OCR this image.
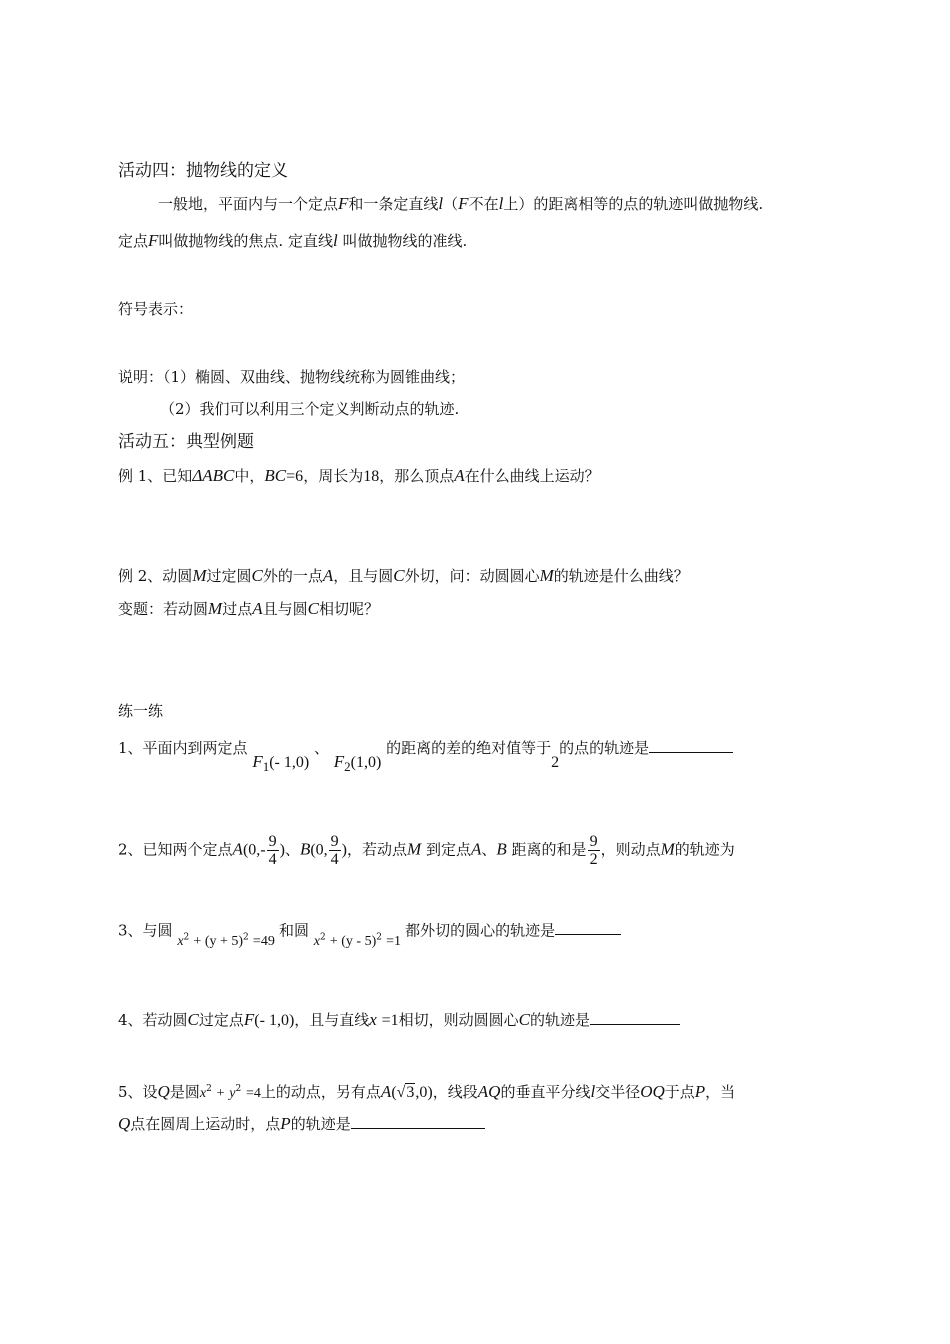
活动四：抛物线的定义
一般地，平面内与一个定点F和一条定直线l（F不在l上）的距离相等的点的轨迹叫做抛物线.
定点F叫做抛物线的焦点. 定直线l 叫做抛物线的准线.
符号表示：
说明：（1）椭圆、双曲线、抛物线统称为圆锥曲线；
（2）我们可以利用三个定义判断动点的轨迹.
活动五：典型例题
例 1、已知ΔABC中，BC=6，周长为18，那么顶点A在什么曲线上运动？
例 2、动圆M过定圆C外的一点A，且与圆C外切，问：动圆圆心M的轨迹是什么曲线？
变题：若动圆M过点A且与圆C相切呢？
练一练
1、平面内到两定点 $F_1(-$ 1,0) 、 $F_2(1,0)$ 的距离的差的绝对值等于2的点的轨迹是
2、已知两个定点$A(0,- \frac{9}{4}$ )、B(0, $\frac{9}{4}$ )，若动点M 到定点A、B 距离的和是 $\frac{9}{2}$ ，则动点M的轨迹为
3、与圆 $x^2 + (y + 5)^2 =49$ 和圆 $x^2 + (y - 5)^2 =1$ 都外切的圆心的轨迹是
4、若动圆C过定点F(- 1,0)，且与直线x =1相切，则动圆圆心C的轨迹是
5、设Q是圆$x^2 + y^2 =4$上的动点，另有点A(√3,0)，线段AQ的垂直平分线l交半径OQ于点P，当
Q点在圆周上运动时，点P的轨迹是
